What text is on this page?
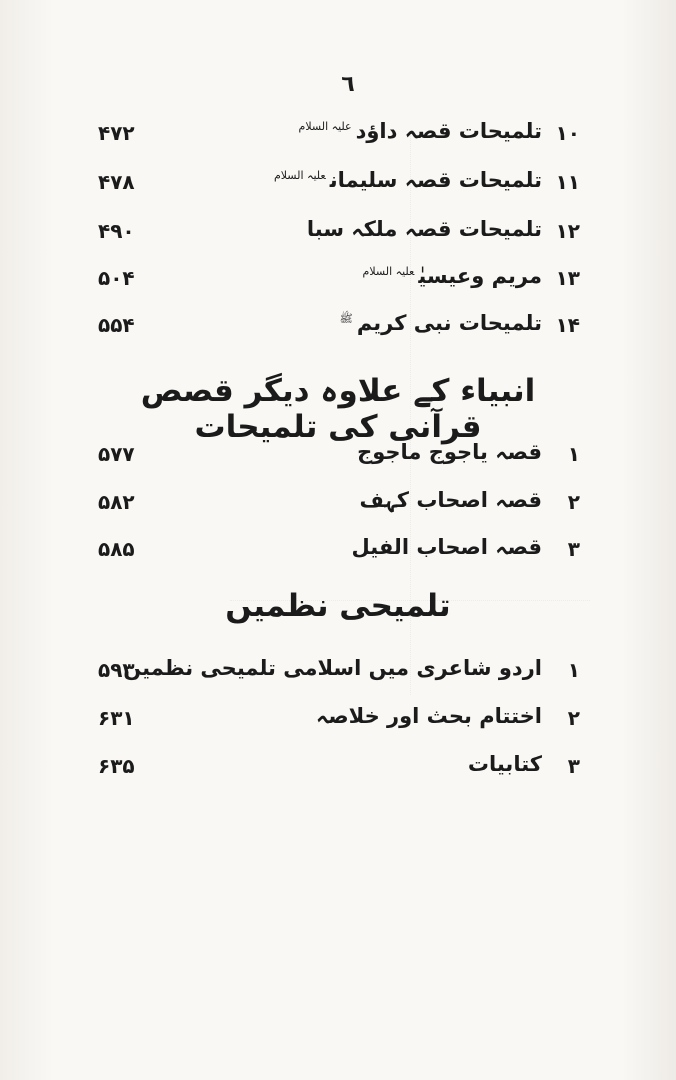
٦
۱۰
تلمیحات قصہ داؤد$^{علیہ السلام}$
۴۷۲
۱۱
تلمیحات قصہ سلیمان$^{علیہ السلام}$
۴۷۸
۱۲
تلمیحات قصہ ملکہ سبا
۴۹۰
۱۳
مریم وعیسیٰ$^{علیہ السلام}$
۵۰۴
۱۴
تلمیحات نبی کریم$^ﷺ$
۵۵۴
انبیاء کے علاوہ دیگر قصص قرآنی کی تلمیحات
۱
قصہ یاجوج ماجوج
۵۷۷
۲
قصہ اصحاب کہف
۵۸۲
۳
قصہ اصحاب الفیل
۵۸۵
تلمیحی نظمیں
۱
اردو شاعری میں اسلامی تلمیحی نظمیں
۵۹۳
۲
اختتام بحث اور خلاصہ
۶۳۱
۳
کتابیات
۶۳۵
